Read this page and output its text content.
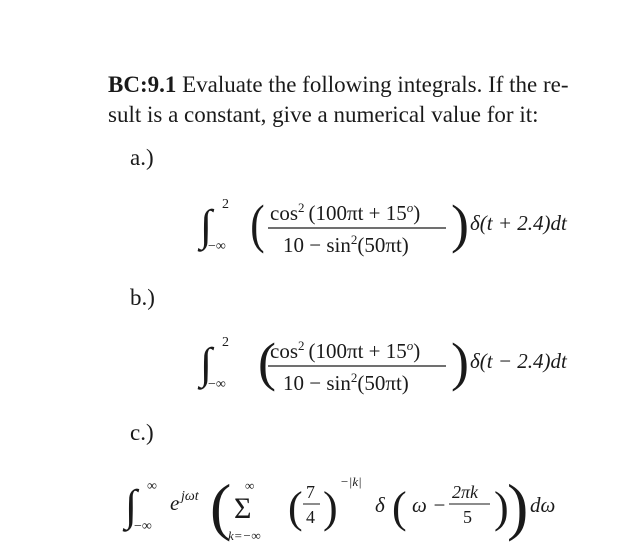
BC:9.1 Evaluate the following integrals. If the re-
sult is a constant, give a numerical value for it:
a.)
∫ 2
−∞ ( $\cos^2 (100\pi t + 15^o)$
$10 - \sin^2(50\pi t)$ ) δ(t + 2.4)dt
b.)
∫ 2
−∞ (
$\cos^2 (100\pi t + 15^o)$
$10 - \sin^2(50\pi t)$ ) δ(t − 2.4)dt
c.)
∫ ∞
−∞
e jωt ( ∞
Σ
k=−∞
( 7
4 )
−|k|
δ ( ω −
2πk
5 )
) dω
